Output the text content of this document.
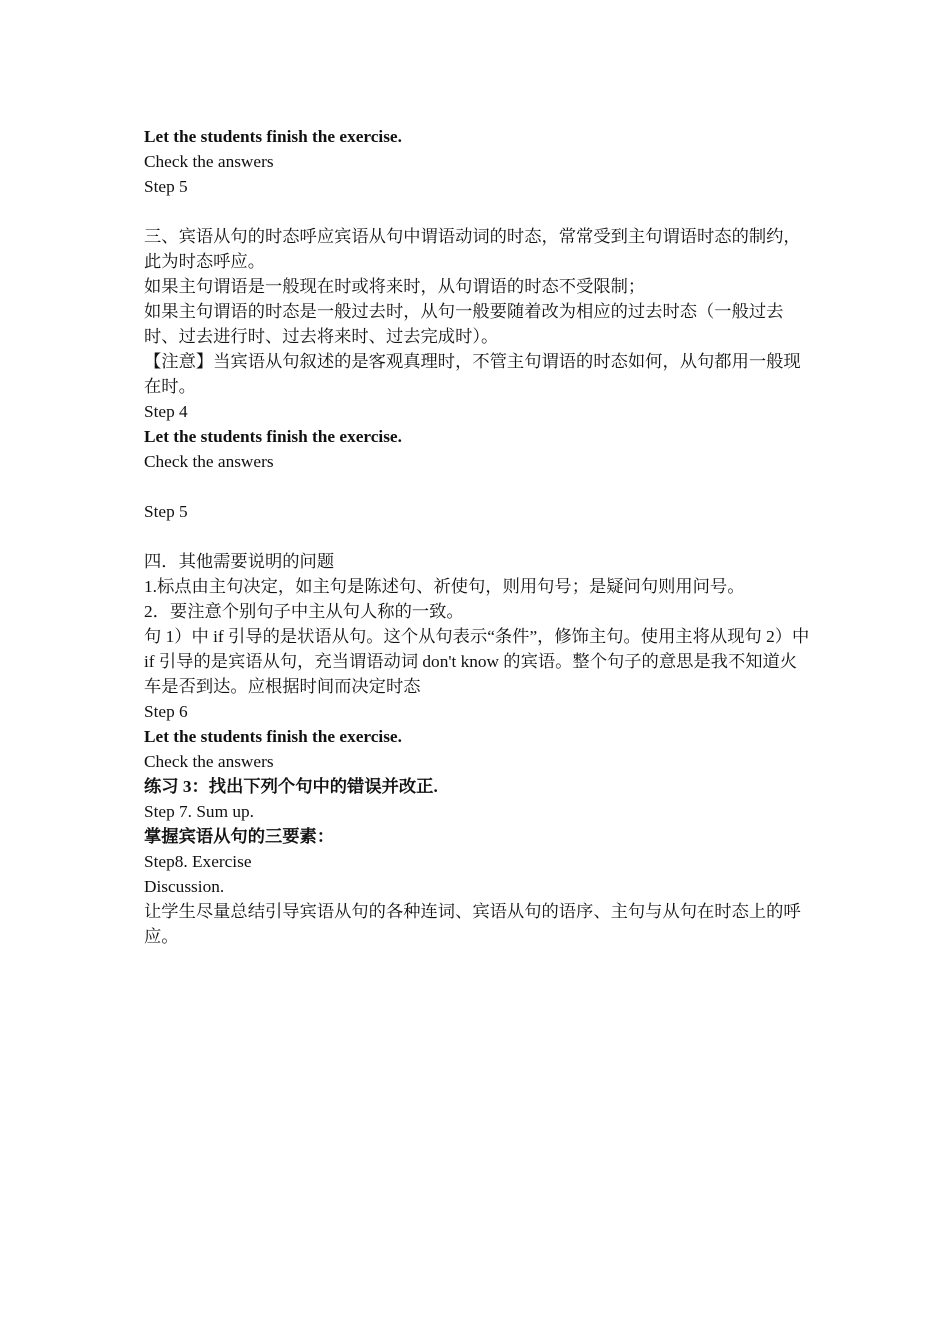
Let the students finish the exercise.

Check the answers

Step 5

三、宾语从句的时态呼应宾语从句中谓语动词的时态，常常受到主句谓语时态的制约，此为时态呼应。

如果主句谓语是一般现在时或将来时，从句谓语的时态不受限制；

如果主句谓语的时态是一般过去时，从句一般要随着改为相应的过去时态（一般过去时、过去进行时、过去将来时、过去完成时）。

【注意】当宾语从句叙述的是客观真理时，不管主句谓语的时态如何，从句都用一般现在时。

Step 4

Let the students finish the exercise.

Check the answers

Step 5

四．其他需要说明的问题

1.标点由主句决定，如主句是陈述句、祈使句，则用句号；是疑问句则用问号。

2．要注意个别句子中主从句人称的一致。

句 1）中 if 引导的是状语从句。这个从句表示“条件”，修饰主句。使用主将从现句 2）中 if 引导的是宾语从句，充当谓语动词 don't know 的宾语。整个句子的意思是我不知道火车是否到达。应根据时间而决定时态

Step 6

Let the students finish the exercise.

Check the answers

练习 3：找出下列个句中的错误并改正.

Step 7. Sum up.

掌握宾语从句的三要素：

Step8. Exercise

Discussion.

让学生尽量总结引导宾语从句的各种连词、宾语从句的语序、主句与从句在时态上的呼应。
